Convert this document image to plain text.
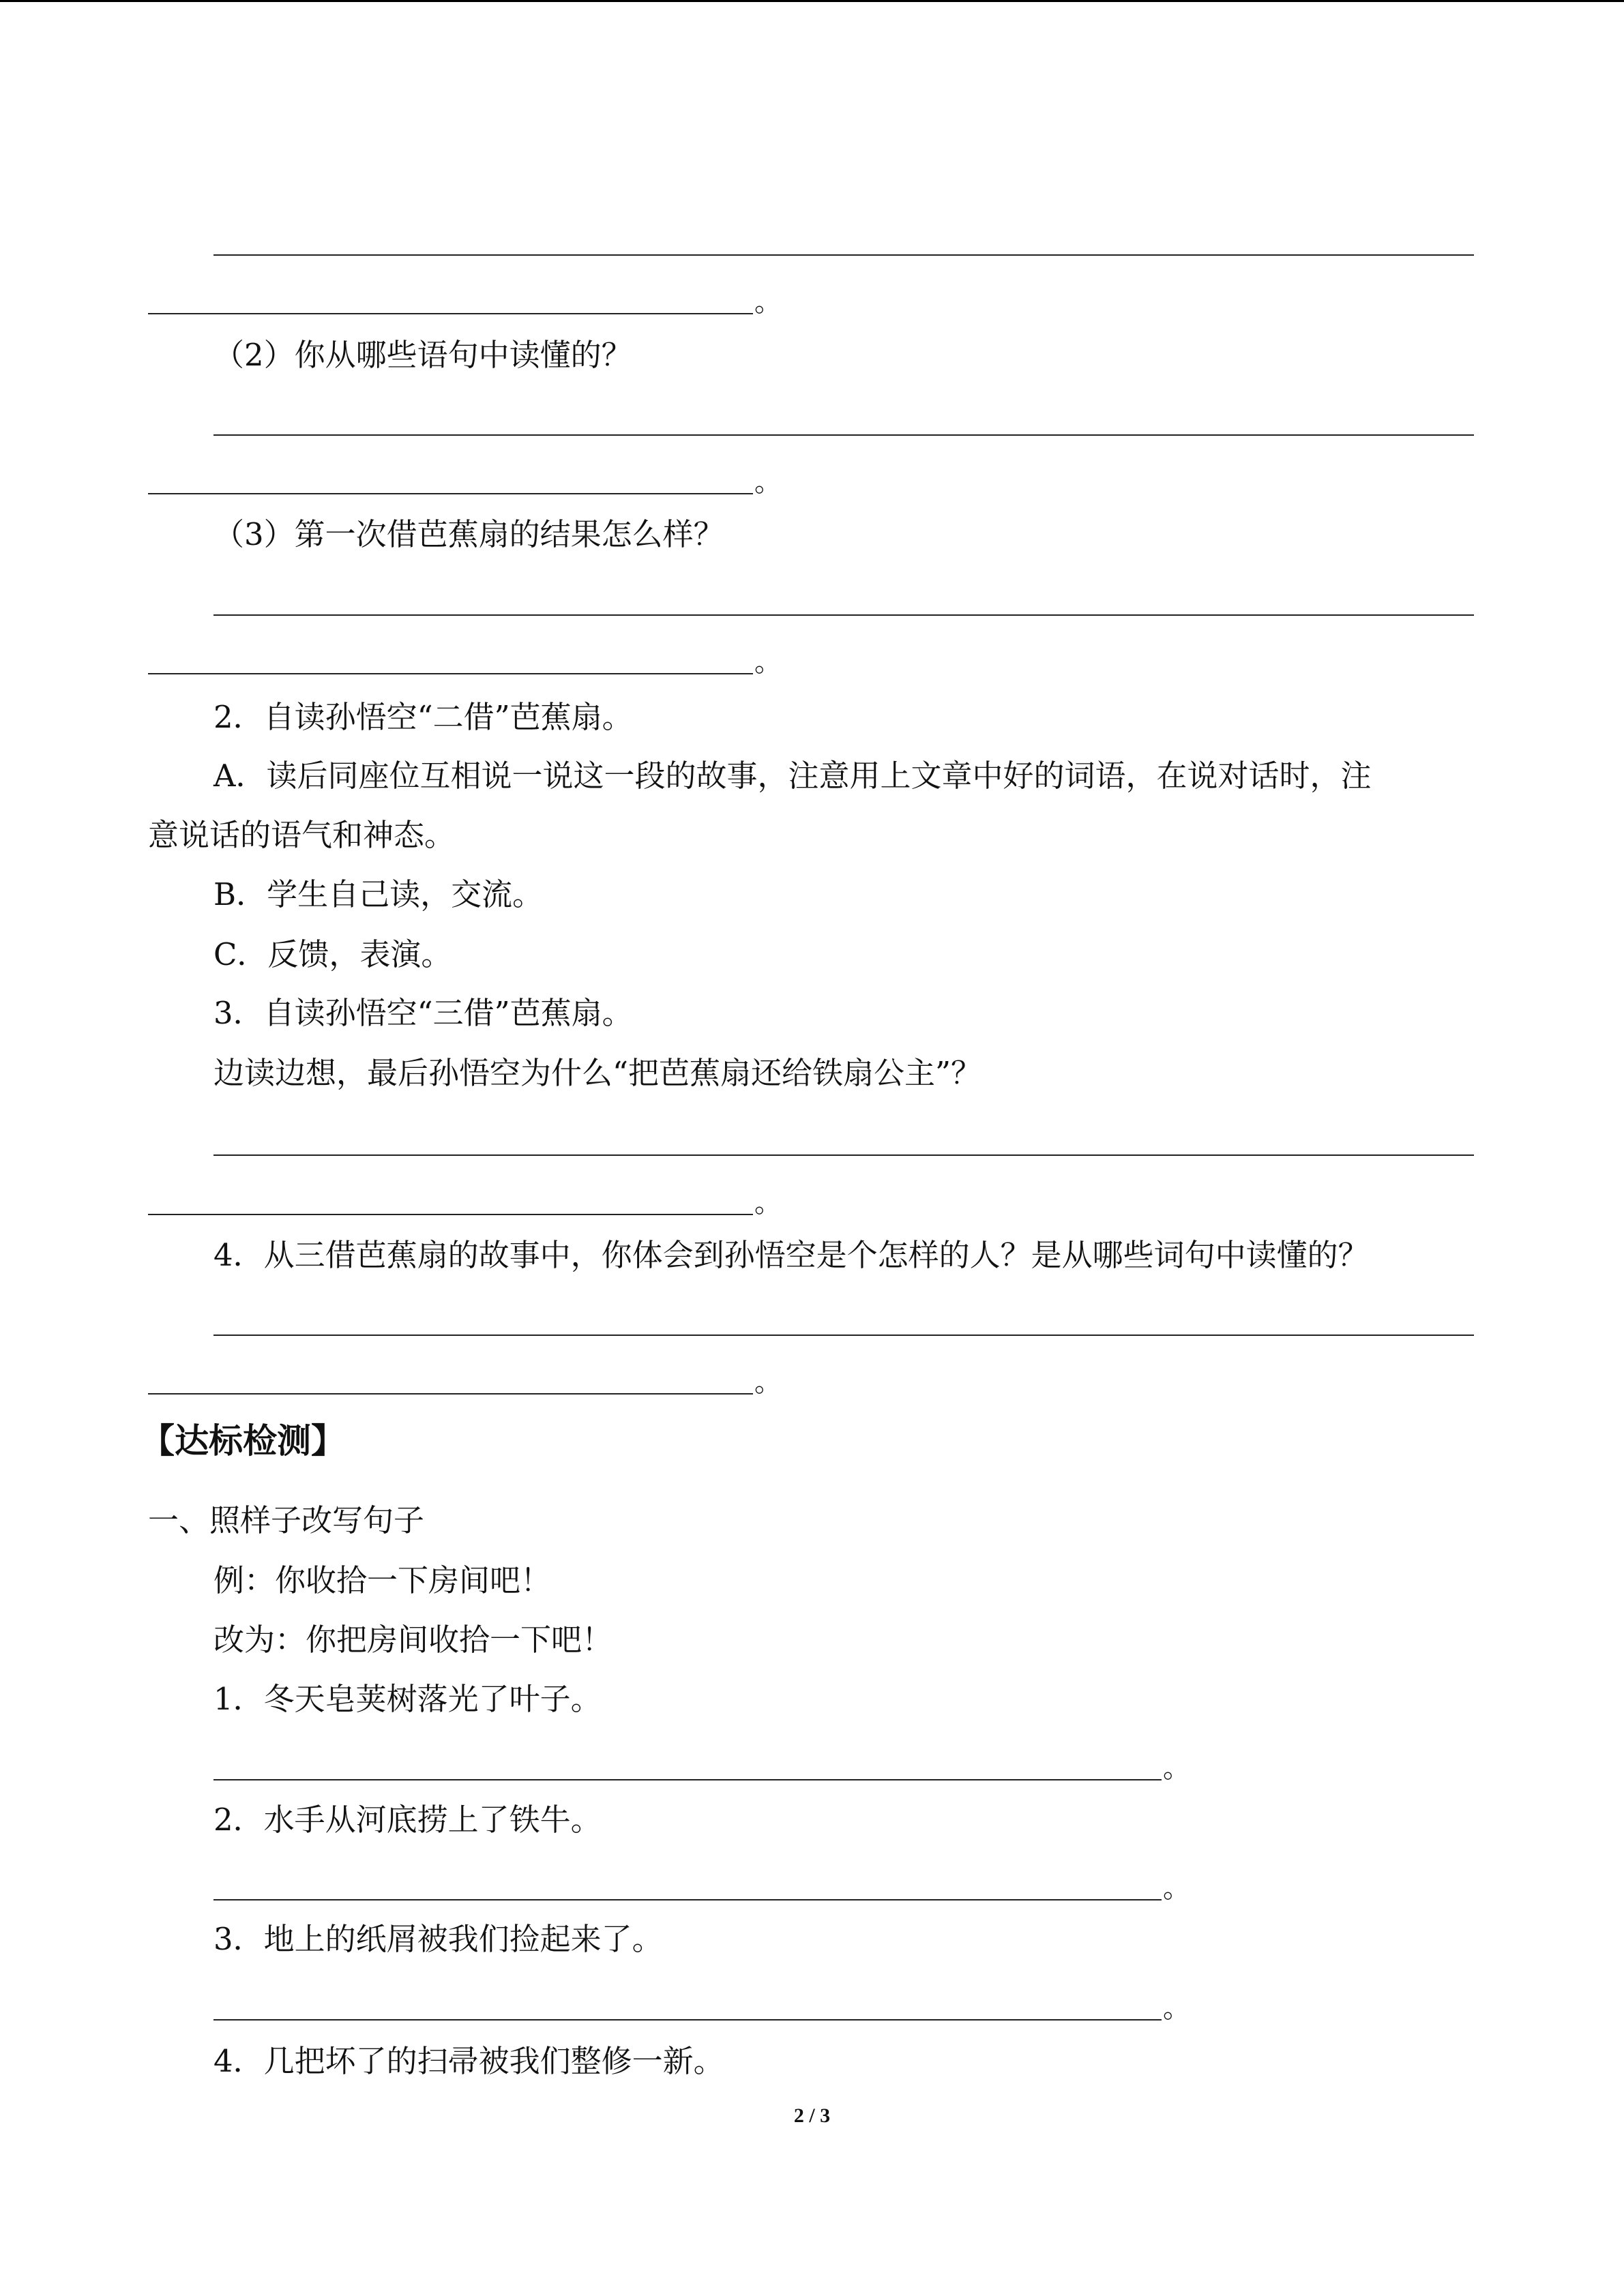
。

（2）你从哪些语句中读懂的？

。

（3）第一次借芭蕉扇的结果怎么样？

。

2．自读孙悟空“二借”芭蕉扇。

A．读后同座位互相说一说这一段的故事，注意用上文章中好的词语，在说对话时，注

意说话的语气和神态。

B．学生自己读，交流。

C．反馈，表演。

3．自读孙悟空“三借”芭蕉扇。

边读边想，最后孙悟空为什么“把芭蕉扇还给铁扇公主”？

。

4．从三借芭蕉扇的故事中，你体会到孙悟空是个怎样的人？是从哪些词句中读懂的？

。

【达标检测】

一、照样子改写句子

例：你收拾一下房间吧！

改为：你把房间收拾一下吧！

1．冬天皂荚树落光了叶子。

。

2．水手从河底捞上了铁牛。

。

3．地上的纸屑被我们捡起来了。

。

4．几把坏了的扫帚被我们整修一新。

2 / 3
